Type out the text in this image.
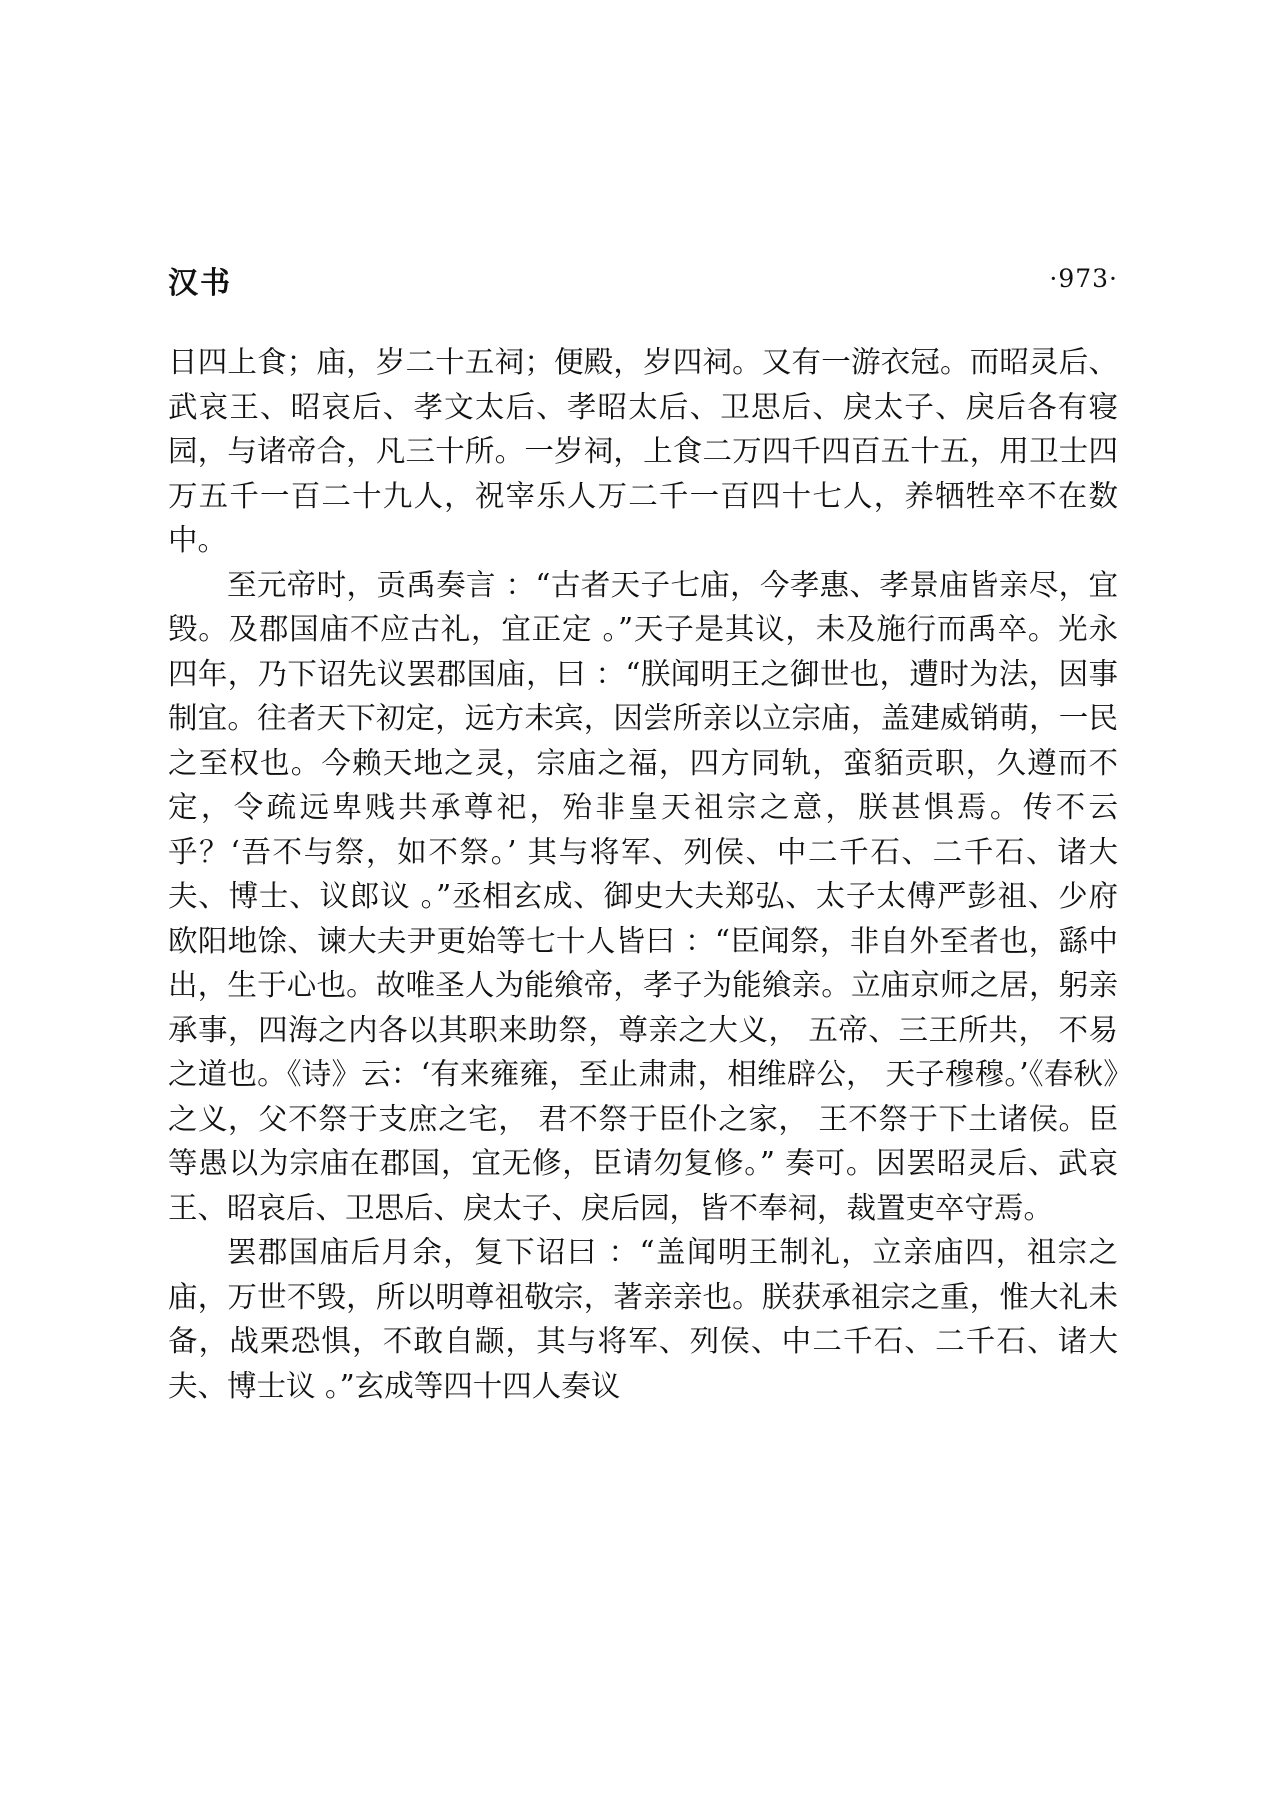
汉书	·973·

日四上食；庙，岁二十五祠；便殿，岁四祠。又有一游衣冠。而昭灵后、武哀王、昭哀后、孝文太后、孝昭太后、卫思后、戾太子、戾后各有寝园，与诸帝合，凡三十所。一岁祠，上食二万四千四百五十五，用卫士四万五千一百二十九人，祝宰乐人万二千一百四十七人，养牺牲卒不在数中。

至元帝时，贡禹奏言 ：“古者天子七庙，今孝惠、孝景庙皆亲尽，宜毁。及郡国庙不应古礼，宜正定 。”天子是其议，未及施行而禹卒。光永四年，乃下诏先议罢郡国庙，曰 ：“朕闻明王之御世也，遭时为法，因事制宜。往者天下初定，远方未宾，因尝所亲以立宗庙，盖建威销萌，一民之至权也。今赖天地之灵，宗庙之福，四方同轨，蛮貊贡职，久遵而不定，令疏远卑贱共承尊祀，殆非皇天祖宗之意，朕甚惧焉。传不云乎？‘吾不与祭，如不祭。’ 其与将军、列侯、中二千石、二千石、诸大夫、博士、议郎议 。”丞相玄成、御史大夫郑弘、太子太傅严彭祖、少府欧阳地馀、谏大夫尹更始等七十人皆曰 ：“臣闻祭，非自外至者也，繇中出，生于心也。故唯圣人为能飨帝，孝子为能飨亲。立庙京师之居，躬亲承事，四海之内各以其职来助祭，尊亲之大义， 五帝、三王所共， 不易之道也。《诗》云：‘有来雍雍，至止肃肃，相维辟公， 天子穆穆。’《春秋》之义，父不祭于支庶之宅， 君不祭于臣仆之家， 王不祭于下土诸侯。臣等愚以为宗庙在郡国，宜无修，臣请勿复修。” 奏可。因罢昭灵后、武哀王、昭哀后、卫思后、戾太子、戾后园，皆不奉祠，裁置吏卒守焉。

罢郡国庙后月余，复下诏曰 ：“盖闻明王制礼，立亲庙四，祖宗之庙，万世不毁，所以明尊祖敬宗，著亲亲也。朕获承祖宗之重，惟大礼未备，战栗恐惧，不敢自颛，其与将军、列侯、中二千石、二千石、诸大夫、博士议 。”玄成等四十四人奏议
